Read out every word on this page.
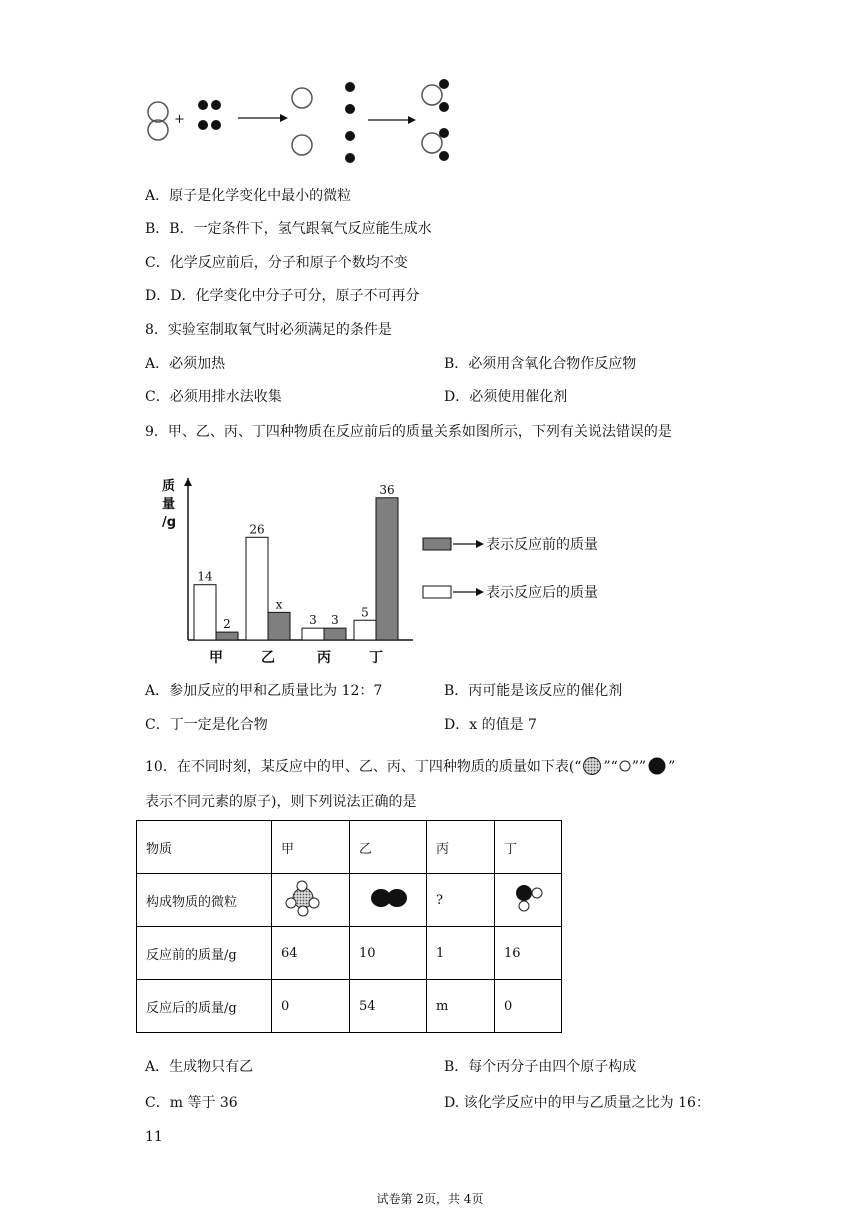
+
A．原子是化学变化中最小的微粒
B．B．一定条件下，氢气跟氧气反应能生成水
C．化学反应前后，分子和原子个数均不变
D．D．化学变化中分子可分，原子不可再分
8．实验室制取氧气时必须满足的条件是
A．必须加热	B．必须用含氧化合物作反应物
C．必须用排水法收集	D．必须使用催化剂
9．甲、乙、丙、丁四种物质在反应前后的质量关系如图所示，下列有关说法错误的是
质
量
/g
14
2
甲
26
x
乙
3 3
丙
5
36
丁
表示反应前的质量
表示反应后的质量
A．参加反应的甲和乙质量比为 12：7	B．丙可能是该反应的催化剂
C．丁一定是化合物	D．x 的值是 7
10．在不同时刻，某反应中的甲、乙、丙、丁四种物质的质量如下表(“ ”“ ”” ”
表示不同元素的原子)，则下列说法正确的是
物质	甲	乙	丙	丁
构成物质的微粒			?	
反应前的质量/g	64	10	1	16
反应后的质量/g	0	54	m	0
A．生成物只有乙	B．每个丙分子由四个原子构成
C．m 等于 36	D. 该化学反应中的甲与乙质量之比为 16：
11
试卷第 2页，共 4页
